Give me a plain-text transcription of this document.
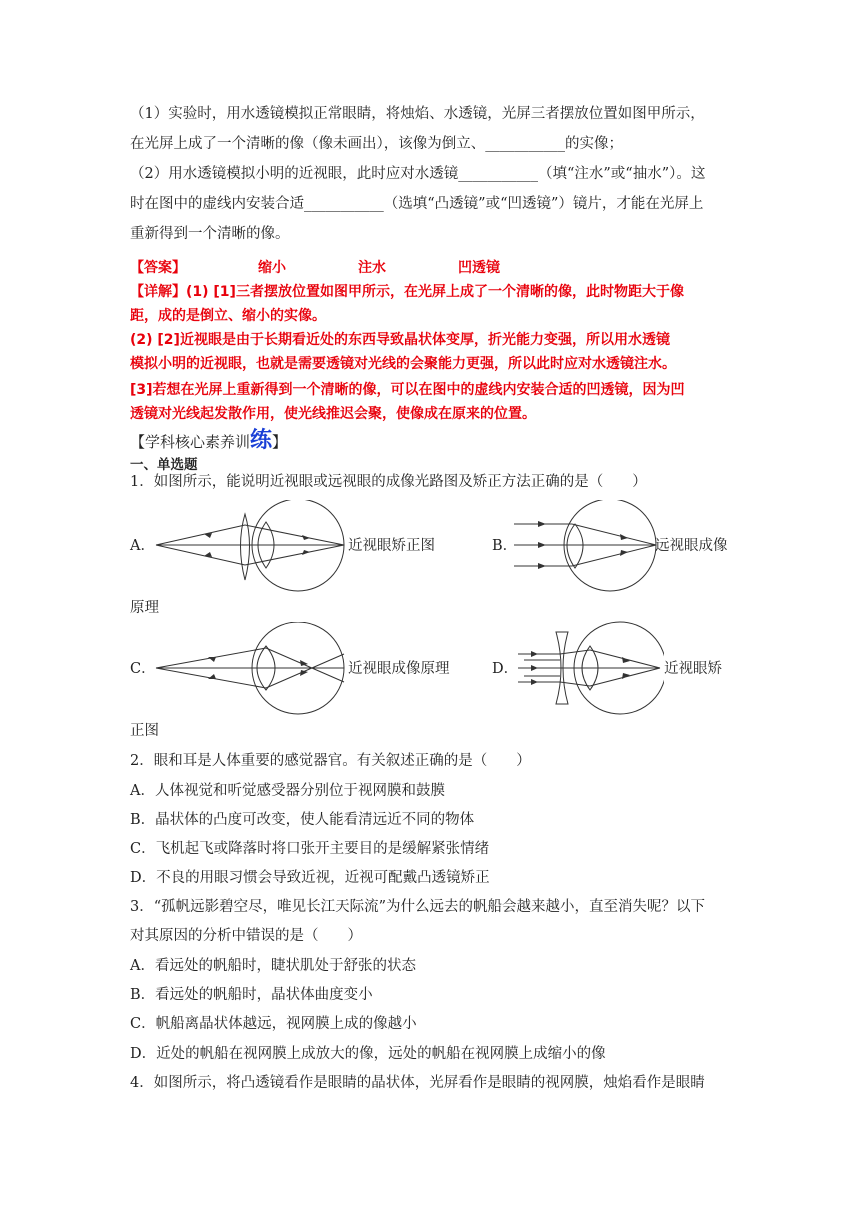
（1）实验时，用水透镜模拟正常眼睛，将烛焰、水透镜，光屏三者摆放位置如图甲所示，
在光屏上成了一个清晰的像（像未画出），该像为倒立、___________的实像；
（2）用水透镜模拟小明的近视眼，此时应对水透镜___________（填“注水”或“抽水”）。这
时在图中的虚线内安装合适___________（选填“凸透镜”或“凹透镜”）镜片，才能在光屏上
重新得到一个清晰的像。
【答案】	缩小	注水	凹透镜
【详解】(1) [1]三者摆放位置如图甲所示，在光屏上成了一个清晰的像，此时物距大于像
距，成的是倒立、缩小的实像。
(2) [2]近视眼是由于长期看近处的东西导致晶状体变厚，折光能力变强，所以用水透镜
模拟小明的近视眼，也就是需要透镜对光线的会聚能力更强，所以此时应对水透镜注水。
[3]若想在光屏上重新得到一个清晰的像，可以在图中的虚线内安装合适的凹透镜，因为凹
透镜对光线起发散作用，使光线推迟会聚，使像成在原来的位置。
【学科核心素养训练】
一、单选题
1．如图所示，能说明近视眼或远视眼的成像光路图及矫正方法正确的是（　　）
A．	近视眼矫正图	B．	远视眼成像
原理
C．	近视眼成像原理	D．	近视眼矫
正图
2．眼和耳是人体重要的感觉器官。有关叙述正确的是（　　）
A．人体视觉和听觉感受器分别位于视网膜和鼓膜
B．晶状体的凸度可改变，使人能看清远近不同的物体
C．飞机起飞或降落时将口张开主要目的是缓解紧张情绪
D．不良的用眼习惯会导致近视，近视可配戴凸透镜矫正
3．“孤帆远影碧空尽，唯见长江天际流”为什么远去的帆船会越来越小，直至消失呢？以下
对其原因的分析中错误的是（　　）
A．看远处的帆船时，睫状肌处于舒张的状态
B．看远处的帆船时，晶状体曲度变小
C．帆船离晶状体越远，视网膜上成的像越小
D．近处的帆船在视网膜上成放大的像，远处的帆船在视网膜上成缩小的像
4．如图所示，将凸透镜看作是眼睛的晶状体，光屏看作是眼睛的视网膜，烛焰看作是眼睛
